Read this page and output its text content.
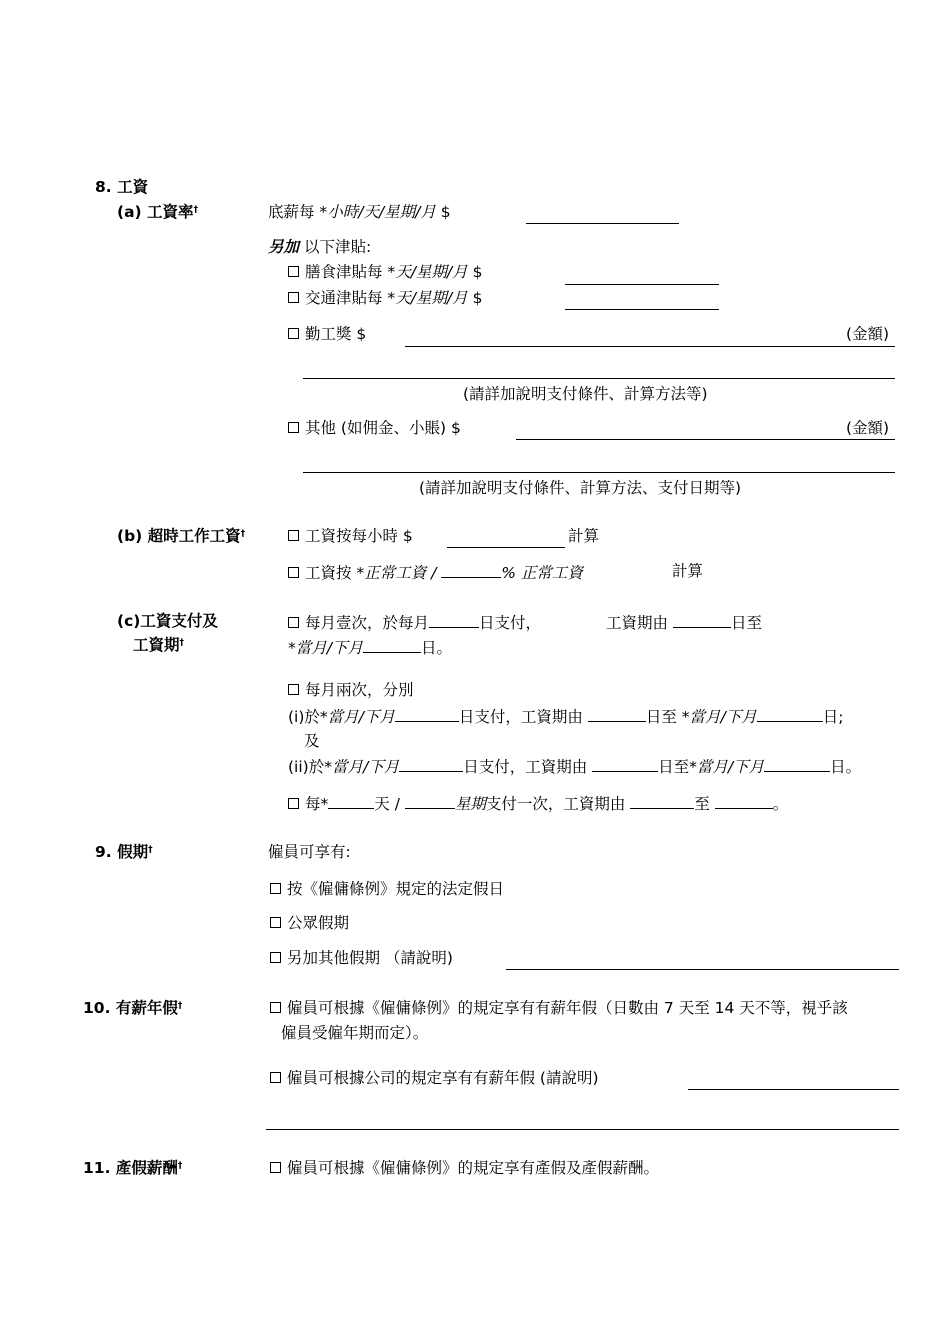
8. 工資
(a) 工資率†	底薪每 *小時/天/星期/月 $
另加 以下津貼:
膳食津貼每 *天/星期/月 $
交通津貼每 *天/星期/月 $
勤工獎 $	(金額)
(請詳加說明支付條件、計算方法等)
其他 (如佣金、小賬) $	(金額)
(請詳加說明支付條件、計算方法、支付日期等)
(b) 超時工作工資†	工資按每小時 $	計算
工資按 *正常工資 /	% 正常工資	計算
(c)工資支付及
工資期†
每月壹次，於每月	日支付，	工資期由	日至
*當月/下月	日。
每月兩次，分別
(i)於*當月/下月	日支付，工資期由	日至 *當月/下月	日;
及
(ii)於*當月/下月	日支付，工資期由	日至*當月/下月	日。
每*	天 /	星期支付一次，工資期由	至	。
9. 假期†	僱員可享有:
按《僱傭條例》規定的法定假日
公眾假期
另加其他假期 （請說明)
10. 有薪年假†	僱員可根據《僱傭條例》的規定享有有薪年假（日數由 7 天至 14 天不等，視乎該
僱員受僱年期而定）。
僱員可根據公司的規定享有有薪年假 (請說明)
11. 產假薪酬†	僱員可根據《僱傭條例》的規定享有產假及產假薪酬。
